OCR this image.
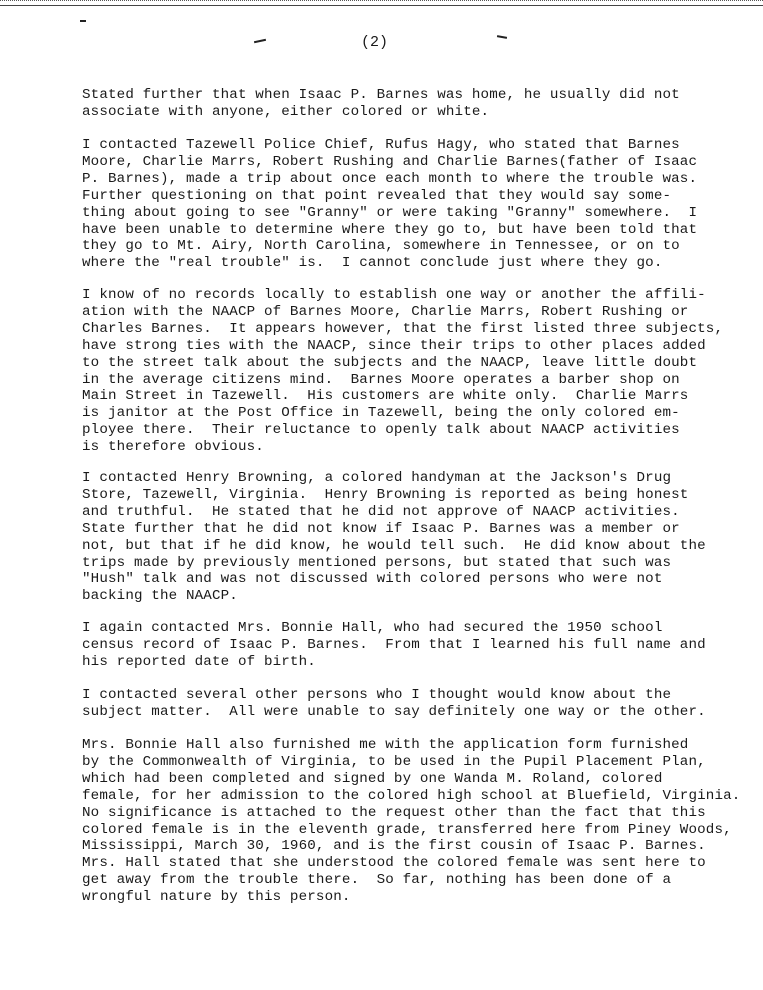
(2)

Stated further that when Isaac P. Barnes was home, he usually did not

associate with anyone, either colored or white.

I contacted Tazewell Police Chief, Rufus Hagy, who stated that Barnes

Moore, Charlie Marrs, Robert Rushing and Charlie Barnes(father of Isaac

P. Barnes), made a trip about once each month to where the trouble was.

Further questioning on that point revealed that they would say some-

thing about going to see "Granny" or were taking "Granny" somewhere.  I

have been unable to determine where they go to, but have been told that

they go to Mt. Airy, North Carolina, somewhere in Tennessee, or on to

where the "real trouble" is.  I cannot conclude just where they go.

I know of no records locally to establish one way or another the affili-

ation with the NAACP of Barnes Moore, Charlie Marrs, Robert Rushing or

Charles Barnes.  It appears however, that the first listed three subjects,

have strong ties with the NAACP, since their trips to other places added

to the street talk about the subjects and the NAACP, leave little doubt

in the average citizens mind.  Barnes Moore operates a barber shop on

Main Street in Tazewell.  His customers are white only.  Charlie Marrs

is janitor at the Post Office in Tazewell, being the only colored em-

ployee there.  Their reluctance to openly talk about NAACP activities

is therefore obvious.

I contacted Henry Browning, a colored handyman at the Jackson's Drug

Store, Tazewell, Virginia.  Henry Browning is reported as being honest

and truthful.  He stated that he did not approve of NAACP activities.

State further that he did not know if Isaac P. Barnes was a member or

not, but that if he did know, he would tell such.  He did know about the

trips made by previously mentioned persons, but stated that such was

"Hush" talk and was not discussed with colored persons who were not

backing the NAACP.

I again contacted Mrs. Bonnie Hall, who had secured the 1950 school

census record of Isaac P. Barnes.  From that I learned his full name and

his reported date of birth.

I contacted several other persons who I thought would know about the

subject matter.  All were unable to say definitely one way or the other.

Mrs. Bonnie Hall also furnished me with the application form furnished

by the Commonwealth of Virginia, to be used in the Pupil Placement Plan,

which had been completed and signed by one Wanda M. Roland, colored

female, for her admission to the colored high school at Bluefield, Virginia.

No significance is attached to the request other than the fact that this

colored female is in the eleventh grade, transferred here from Piney Woods,

Mississippi, March 30, 1960, and is the first cousin of Isaac P. Barnes.

Mrs. Hall stated that she understood the colored female was sent here to

get away from the trouble there.  So far, nothing has been done of a

wrongful nature by this person.
